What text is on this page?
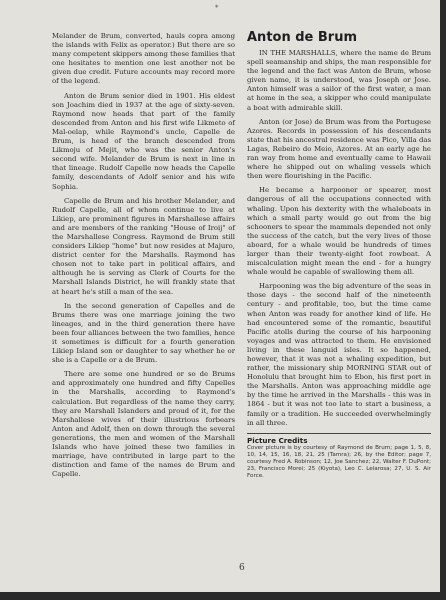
*

Melander de Brum, converted, hauls copra among the islands with Felix as operator.) But there are so many competent skippers among these families that one hesitates to mention one lest another not be given due credit. Future accounts may record more of the legend.

Anton de Brum senior died in 1901. His eldest son Joachim died in 1937 at the age of sixty-seven. Raymond now heads that part of the family descended from Anton and his first wife Likmeto of Mal-oelap, while Raymond's uncle, Capelle de Brum, is head of the branch descended from Likmoju of Mejit, who was the senior Anton's second wife. Melander de Brum is next in line in that lineage. Rudolf Capelle now heads the Capelle family, descendants of Adolf senior and his wife Sophia.

Capelle de Brum and his brother Melander, and Rudolf Capelle, all of whom continue to live at Likiep, are prominent figures in Marshallese affairs and are members of the ranking "House of Iroij" of the Marshallese Congress. Raymond de Brum still considers Likiep "home" but now resides at Majuro, district center for the Marshalls. Raymond has chosen not to take part in political affairs, and although he is serving as Clerk of Courts for the Marshall Islands District, he will frankly state that at heart he's still a man of the sea.

In the second generation of Capelles and de Brums there was one marriage joining the two lineages, and in the third generation there have been four alliances between the two families, hence it sometimes is difficult for a fourth generation Likiep Island son or daughter to say whether he or she is a Capelle or a de Brum.

There are some one hundred or so de Brums and approximately one hundred and fifty Capelles in the Marshalls, according to Raymond's calculation. But regardless of the name they carry, they are Marshall Islanders and proud of it, for the Marshallese wives of their illustrious forbears Anton and Adolf, then on down through the several generations, the men and women of the Marshall Islands who have joined these two families in marriage, have contributed in large part to the distinction and fame of the names de Brum and Capelle.

Anton de Brum

IN THE MARSHALLS, where the name de Brum spell seamanship and ships, the man responsible for the legend and the fact was Anton de Brum, whose given name, it is understood, was Joseph or Jose. Anton himself was a sailor of the first water, a man at home in the sea, a skipper who could manipulate a boat with admirable skill.

Anton (or Jose) de Brum was from the Portugese Azores. Records in possession of his descendants state that his ancestral residence was Pico, Villa das Lagas, Rebeiro do Meio, Azores. At an early age he ran way from home and eventually came to Hawaii where he shipped out on whaling vessels which then were flourishing in the Pacific.

He became a harpooner or spearer, most dangerous of all the occupations connected with whaling. Upon his dexterity with the whaleboats in which a small party would go out from the big schooners to spear the mammals depended not only the success of the catch, but the very lives of those aboard, for a whale would be hundreds of times larger than their twenty-eight foot rowboat. A miscalculation might mean the end - for a hungry whale would be capable of swallowing them all.

Harpooning was the big adventure of the seas in those days - the second half of the nineteenth century - and profitable, too, but the time came when Anton was ready for another kind of life. He had encountered some of the romantic, beautiful Pacific atolls during the course of his harpooning voyages and was attracted to them. He envisioned living in these languid isles. It so happened, however, that it was not a whaling expedition, but rather, the missionary ship MORNING STAR out of Honolulu that brought him to Ebon, his first port in the Marshalls. Anton was approaching middle age by the time he arrived in the Marshalls - this was in 1864 - but it was not too late to start a business, a family or a tradition. He succeeded overwhelmingly in all three.

Picture Credits

Cover picture is by courtesy of Raymond de Brum; page 1, 5, 8, 10, 14, 15, 16, 18, 21, 25 (Tamra); 26, by the Editor; page 7, courtesy Fred A. Robinson; 12, Joe Sanchez; 22, Walter F. DuPont; 23, Francisco Morei; 25 (Kiyota), Leo C. Lelarosa; 27, U. S. Air Force.

6
